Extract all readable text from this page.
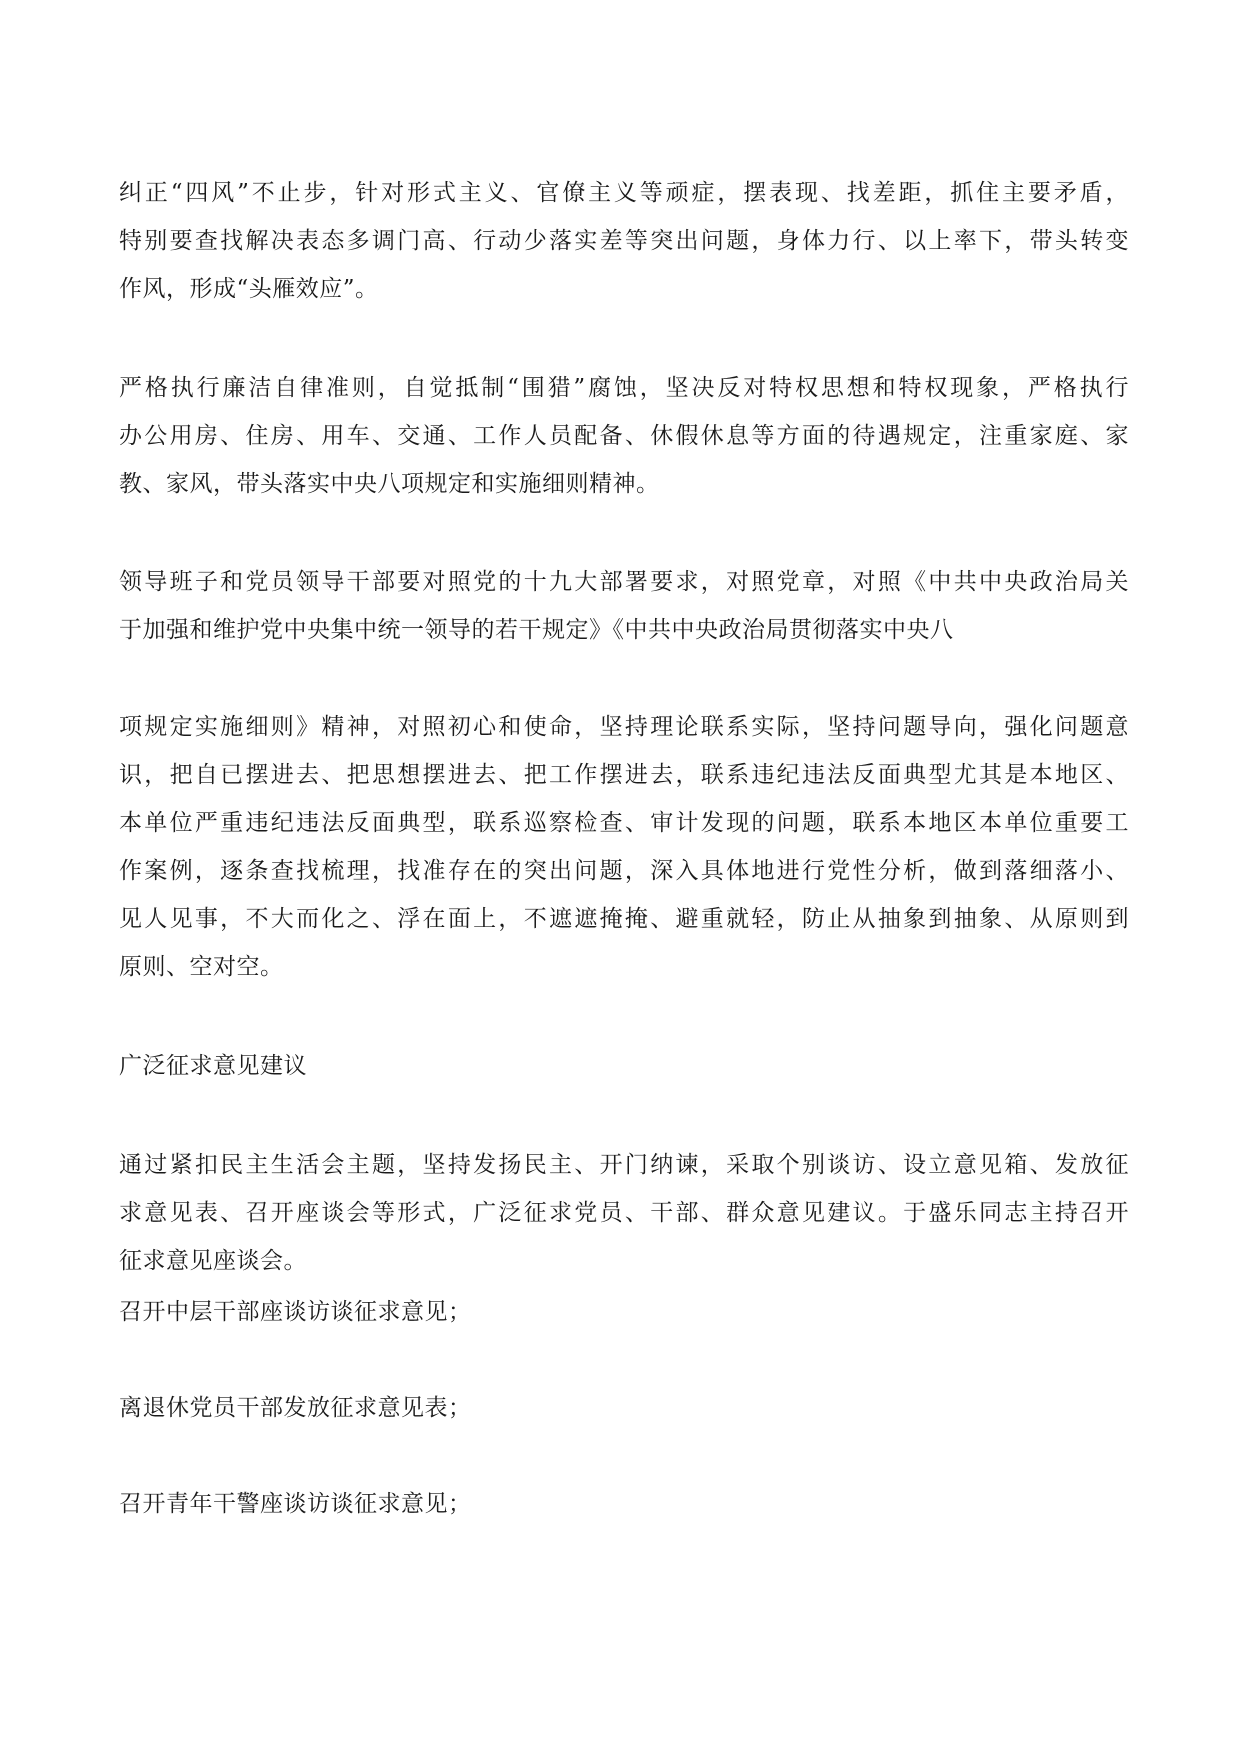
纠正“四风”不止步，针对形式主义、官僚主义等顽症，摆表现、找差距，抓住主要矛盾，
特别要查找解决表态多调门高、行动少落实差等突出问题，身体力行、以上率下，带头转变
作风，形成“头雁效应”。

严格执行廉洁自律准则，自觉抵制“围猎”腐蚀，坚决反对特权思想和特权现象，严格执行
办公用房、住房、用车、交通、工作人员配备、休假休息等方面的待遇规定，注重家庭、家
教、家风，带头落实中央八项规定和实施细则精神。

领导班子和党员领导干部要对照党的十九大部署要求，对照党章，对照《中共中央政治局关
于加强和维护党中央集中统一领导的若干规定》《中共中央政治局贯彻落实中央八

项规定实施细则》精神，对照初心和使命，坚持理论联系实际，坚持问题导向，强化问题意
识，把自已摆进去、把思想摆进去、把工作摆进去，联系违纪违法反面典型尤其是本地区、
本单位严重违纪违法反面典型，联系巡察检查、审计发现的问题，联系本地区本单位重要工
作案例，逐条查找梳理，找准存在的突出问题，深入具体地进行党性分析，做到落细落小、
见人见事，不大而化之、浮在面上，不遮遮掩掩、避重就轻，防止从抽象到抽象、从原则到
原则、空对空。

广泛征求意见建议

通过紧扣民主生活会主题，坚持发扬民主、开门纳谏，采取个别谈访、设立意见箱、发放征
求意见表、召开座谈会等形式，广泛征求党员、干部、群众意见建议。于盛乐同志主持召开
征求意见座谈会。

召开中层干部座谈访谈征求意见；

离退休党员干部发放征求意见表；

召开青年干警座谈访谈征求意见；
